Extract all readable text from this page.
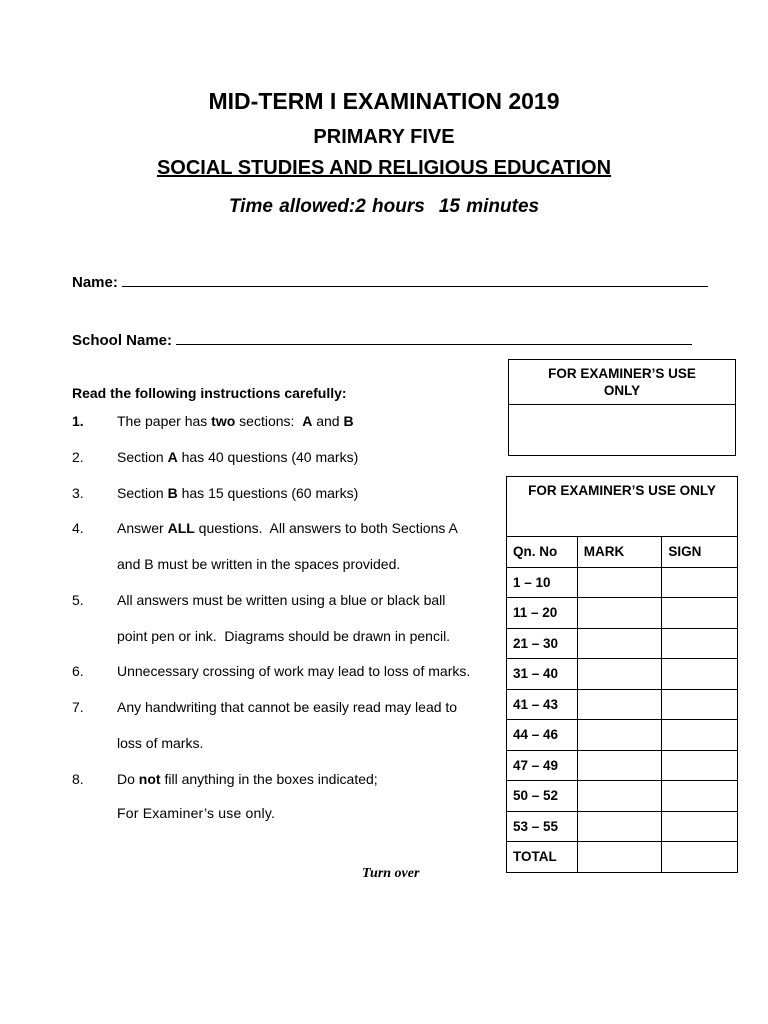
MID-TERM I EXAMINATION 2019
PRIMARY FIVE
SOCIAL STUDIES AND RELIGIOUS EDUCATION
Time allowed:2 hours 15 minutes
Name:
School Name:
Read the following instructions carefully:
1. The paper has two sections:  A and B
2. Section A has 40 questions (40 marks)
3. Section B has 15 questions (60 marks)
4. Answer ALL questions.  All answers to both Sections A
and B must be written in the spaces provided.
5. All answers must be written using a blue or black ball
point pen or ink.  Diagrams should be drawn in pencil.
6. Unnecessary crossing of work may lead to loss of marks.
7. Any handwriting that cannot be easily read may lead to
loss of marks.
8. Do not fill anything in the boxes indicated;
For Examiner’s use only.
Turn over
FOR EXAMINER’S USE ONLY
FOR EXAMINER’S USE ONLY
Qn. No	MARK	SIGN
1 – 10		
11 – 20		
21 – 30		
31 – 40		
41 – 43		
44 – 46		
47 – 49		
50 – 52		
53 – 55		
TOTAL		
